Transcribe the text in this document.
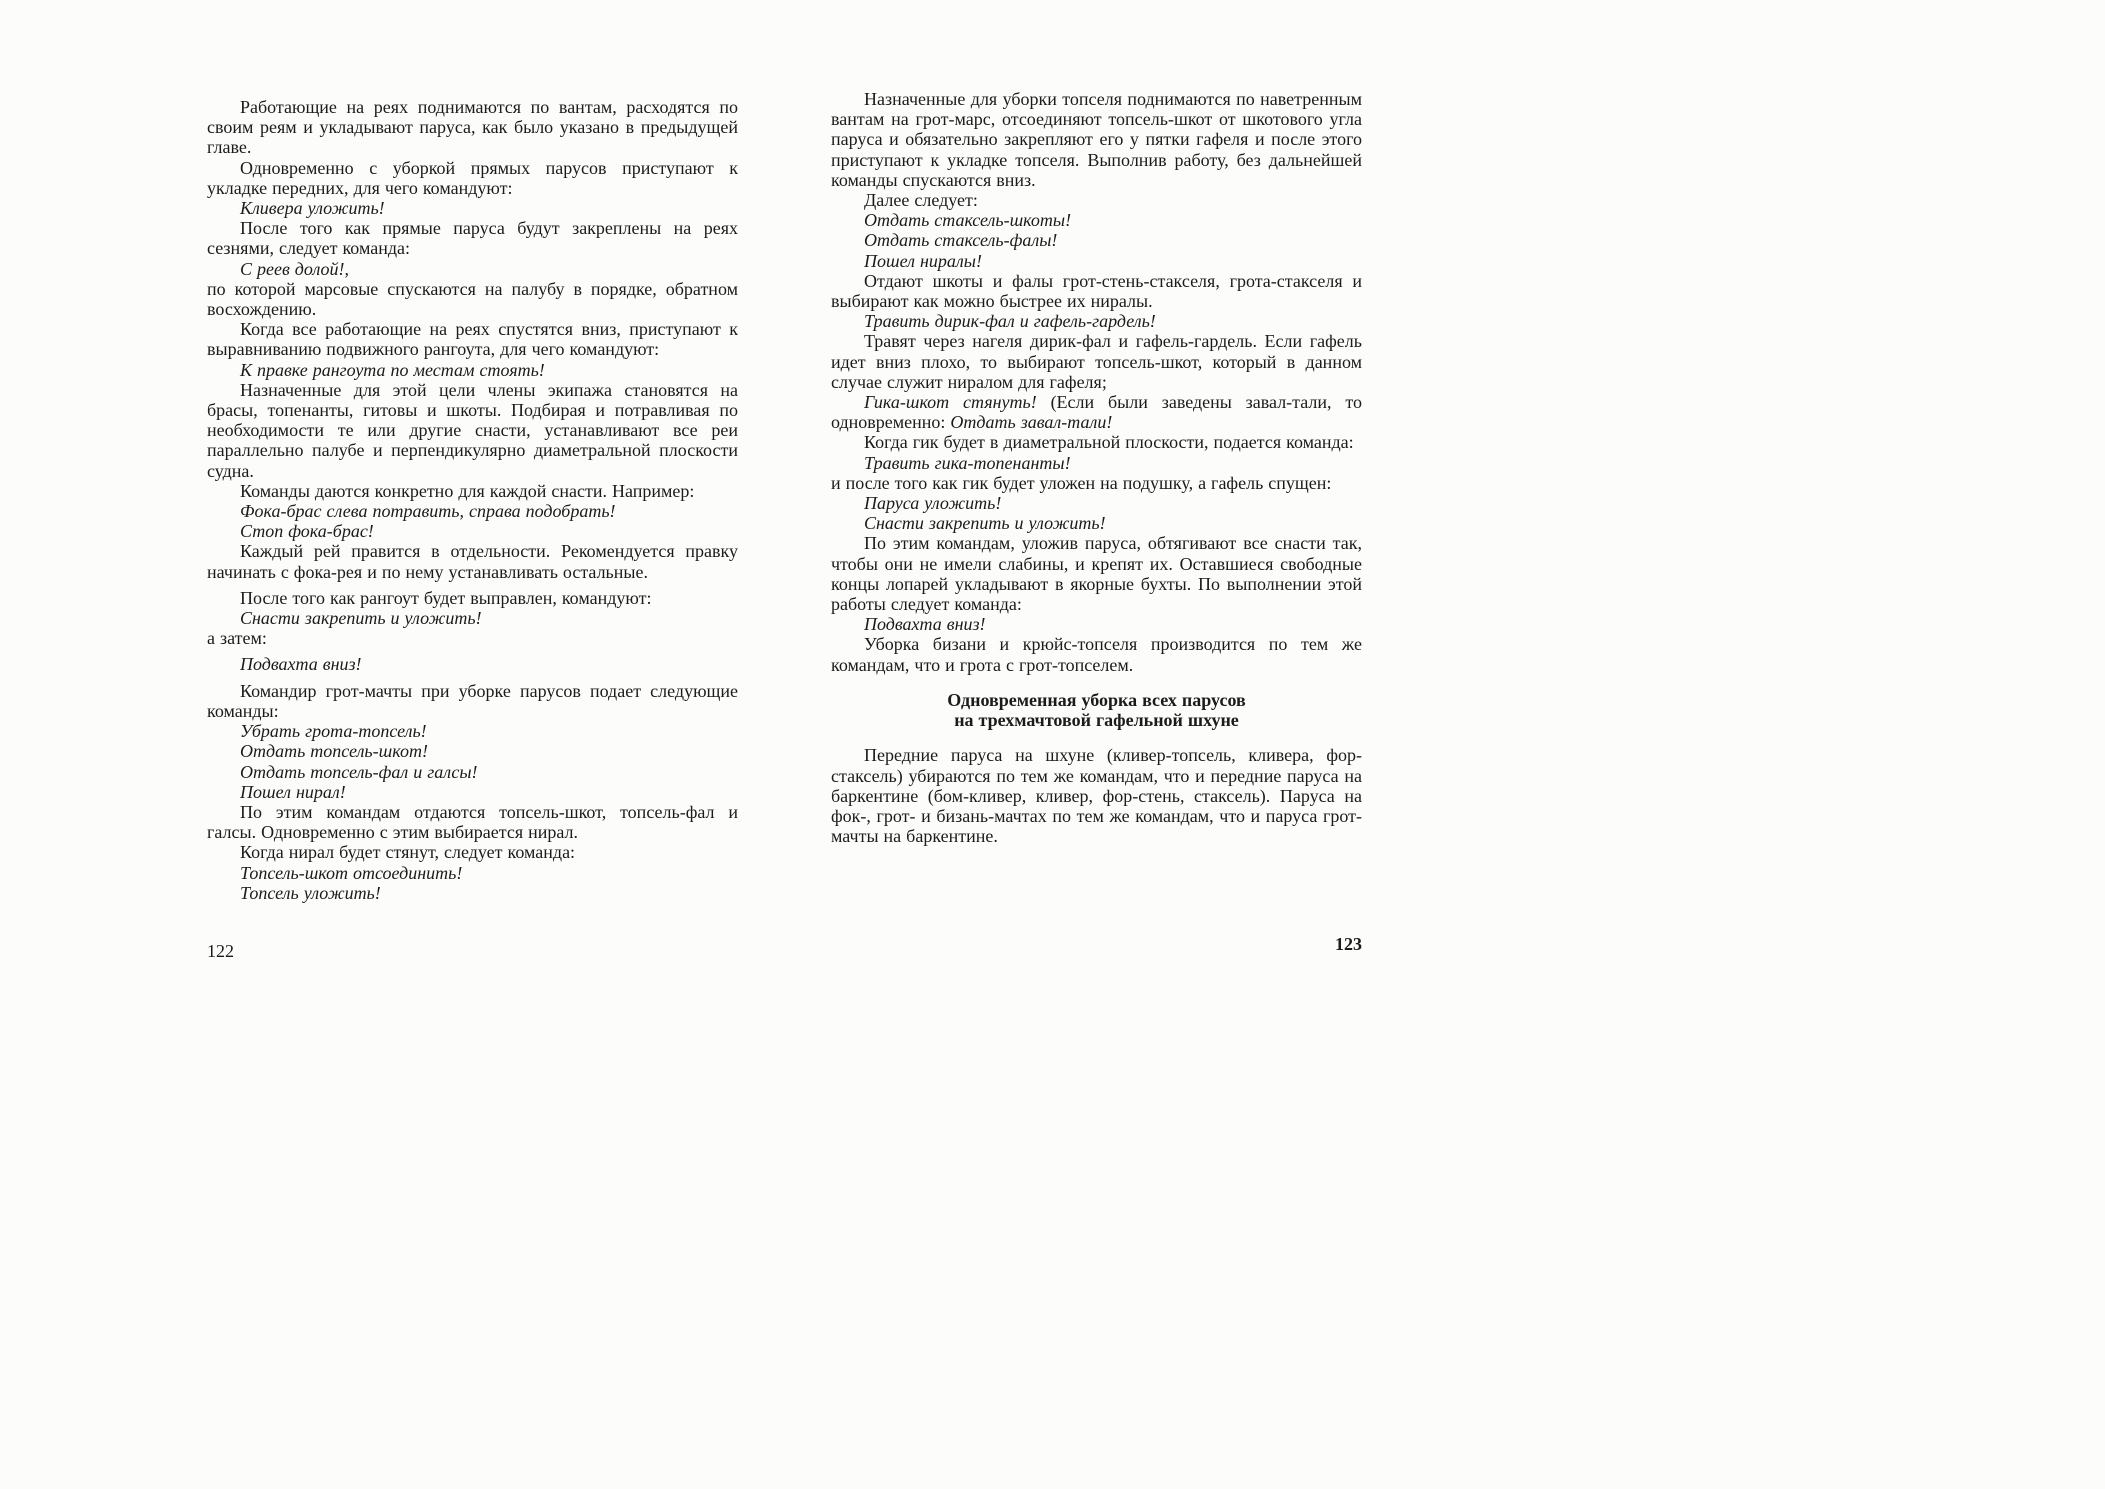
Работающие на реях поднимаются по вантам, расходятся по своим реям и укладывают паруса, как было указано в предыдущей главе.
Одновременно с уборкой прямых парусов приступают к укладке передних, для чего командуют:
Кливера уложить!
После того как прямые паруса будут закреплены на реях сезнями, следует команда:
С реев долой!,
по которой марсовые спускаются на палубу в порядке, обратном восхождению.
Когда все работающие на реях спустятся вниз, приступают к выравниванию подвижного рангоута, для чего командуют:
К правке рангоута по местам стоять!
Назначенные для этой цели члены экипажа становятся на брасы, топенанты, гитовы и шкоты. Подбирая и потравливая по необходимости те или другие снасти, устанавливают все реи параллельно палубе и перпендикулярно диаметральной плоскости судна.
Команды даются конкретно для каждой снасти. Например:
Фока-брас слева потравить, справа подобрать!
Стоп фока-брас!
Каждый рей правится в отдельности. Рекомендуется правку начинать с фока-рея и по нему устанавливать остальные.
После того как рангоут будет выправлен, командуют:
Снасти закрепить и уложить!
а затем:
Подвахта вниз!
Командир грот-мачты при уборке парусов подает следующие команды:
Убрать грота-топсель!
Отдать топсель-шкот!
Отдать топсель-фал и галсы!
Пошел нирал!
По этим командам отдаются топсель-шкот, топсель-фал и галсы. Одновременно с этим выбирается нирал.
Когда нирал будет стянут, следует команда:
Топсель-шкот отсоединить!
Топсель уложить!
Назначенные для уборки топселя поднимаются по наветренным вантам на грот-марс, отсоединяют топсель-шкот от шкотового угла паруса и обязательно закрепляют его у пятки гафеля и после этого приступают к укладке топселя. Выполнив работу, без дальнейшей команды спускаются вниз.
Далее следует:
Отдать стаксель-шкоты!
Отдать стаксель-фалы!
Пошел ниралы!
Отдают шкоты и фалы грот-стень-стакселя, грота-стакселя и выбирают как можно быстрее их ниралы.
Травить дирик-фал и гафель-гардель!
Травят через нагеля дирик-фал и гафель-гардель. Если гафель идет вниз плохо, то выбирают топсель-шкот, который в данном случае служит ниралом для гафеля;
Гика-шкот стянуть! (Если были заведены завал-тали, то одновременно: Отдать завал-тали!
Когда гик будет в диаметральной плоскости, подается команда:
Травить гика-топенанты!
и после того как гик будет уложен на подушку, а гафель спущен:
Паруса уложить!
Снасти закрепить и уложить!
По этим командам, уложив паруса, обтягивают все снасти так, чтобы они не имели слабины, и крепят их. Оставшиеся свободные концы лопарей укладывают в якорные бухты. По выполнении этой работы следует команда:
Подвахта вниз!
Уборка бизани и крюйс-топселя производится по тем же командам, что и грота с грот-топселем.
Одновременная уборка всех парусов
на трехмачтовой гафельной шхуне
Передние паруса на шхуне (кливер-топсель, кливера, фор-стаксель) убираются по тем же командам, что и передние паруса на баркентине (бом-кливер, кливер, фор-стень, стаксель). Паруса на фок-, грот- и бизань-мачтах по тем же командам, что и паруса грот-мачты на баркентине.
122	123
